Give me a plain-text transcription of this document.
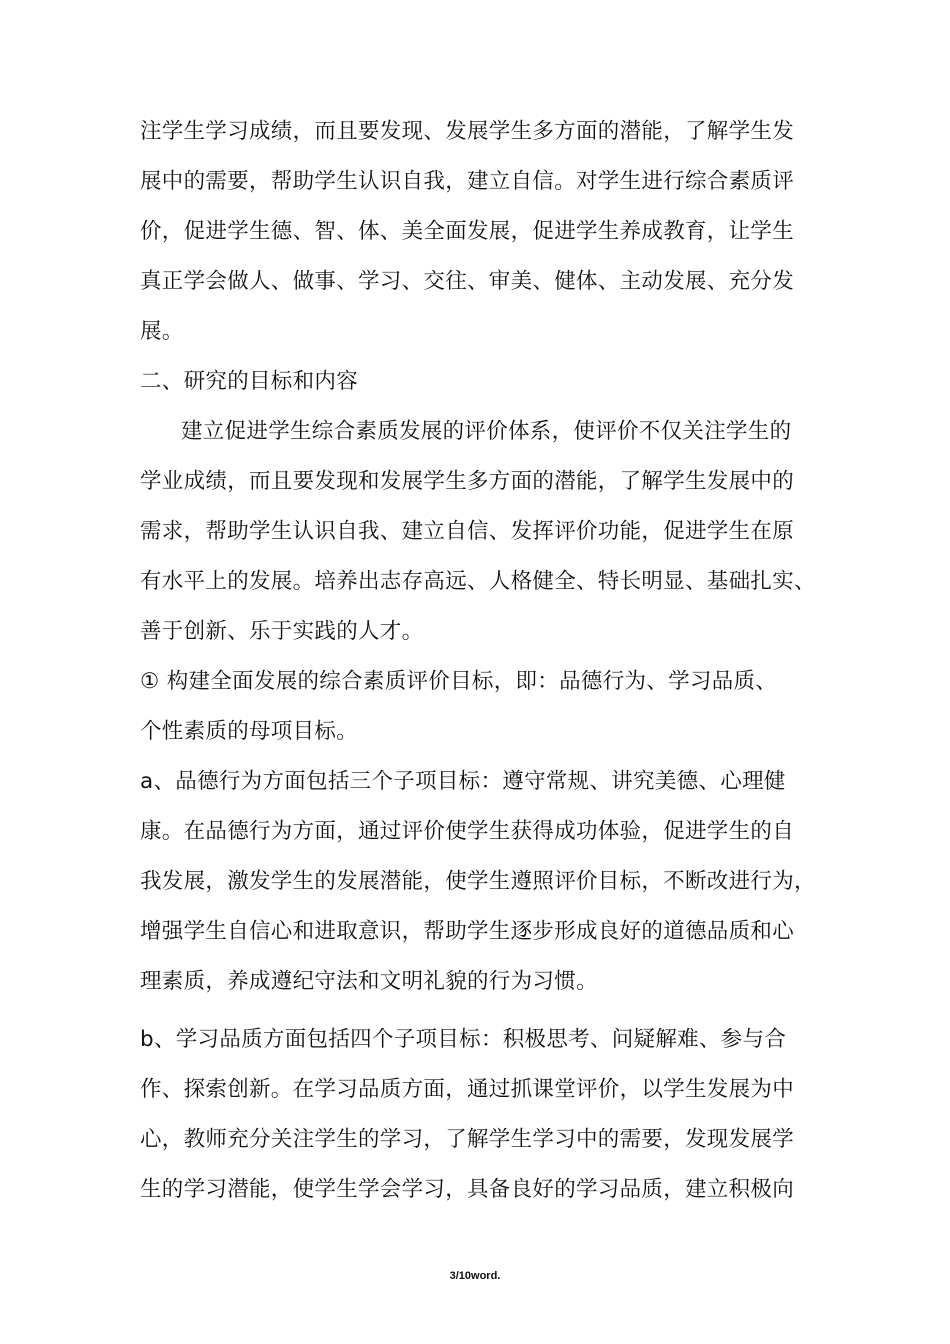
注学生学习成绩，而且要发现、发展学生多方面的潜能，了解学生发
展中的需要，帮助学生认识自我，建立自信。对学生进行综合素质评
价，促进学生德、智、体、美全面发展，促进学生养成教育，让学生
真正学会做人、做事、学习、交往、审美、健体、主动发展、充分发
展。
二、研究的目标和内容
建立促进学生综合素质发展的评价体系，使评价不仅关注学生的
学业成绩，而且要发现和发展学生多方面的潜能，了解学生发展中的
需求，帮助学生认识自我、建立自信、发挥评价功能，促进学生在原
有水平上的发展。培养出志存高远、人格健全、特长明显、基础扎实、
善于创新、乐于实践的人才。
① 构建全面发展的综合素质评价目标，即：品德行为、学习品质、
个性素质的母项目标。
a、品德行为方面包括三个子项目标：遵守常规、讲究美德、心理健
康。在品德行为方面，通过评价使学生获得成功体验，促进学生的自
我发展，激发学生的发展潜能，使学生遵照评价目标，不断改进行为，
增强学生自信心和进取意识，帮助学生逐步形成良好的道德品质和心
理素质，养成遵纪守法和文明礼貌的行为习惯。
b、学习品质方面包括四个子项目标：积极思考、问疑解难、参与合
作、探索创新。在学习品质方面，通过抓课堂评价，以学生发展为中
心，教师充分关注学生的学习，了解学生学习中的需要，发现发展学
生的学习潜能，使学生学会学习，具备良好的学习品质，建立积极向
3/10word.
